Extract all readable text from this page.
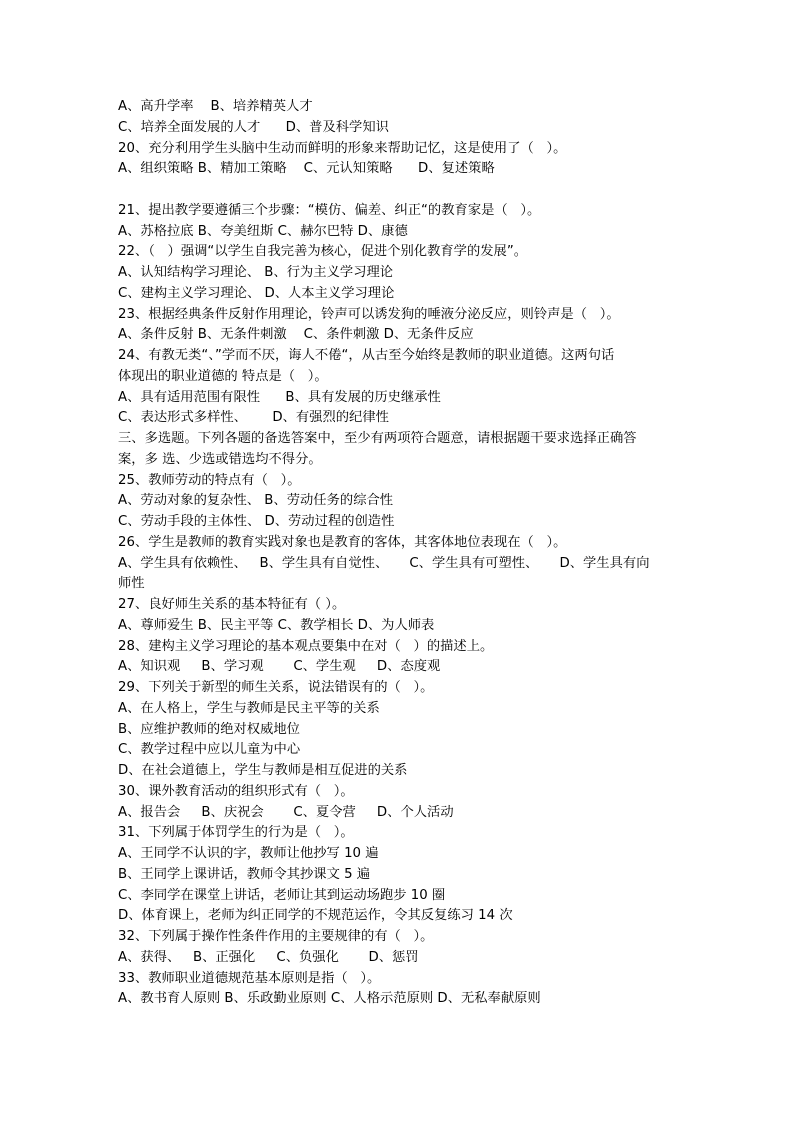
A、高升学率    B、培养精英人才
C、培养全面发展的人才      D、普及科学知识
20、充分利用学生头脑中生动而鲜明的形象来帮助记忆，这是使用了（   ）。
A、组织策略 B、精加工策略    C、元认知策略      D、复述策略
21、提出教学要遵循三个步骤：“模仿、偏差、纠正“的教育家是（   ）。
A、苏格拉底 B、夸美纽斯 C、赫尔巴特 D、康德
22、（   ）强调“以学生自我完善为核心，促进个别化教育学的发展”。
A、认知结构学习理论、 B、行为主义学习理论
C、建构主义学习理论、 D、人本主义学习理论
23、根据经典条件反射作用理论，铃声可以诱发狗的唾液分泌反应，则铃声是（   ）。
A、条件反射 B、无条件刺激    C、条件刺激 D、无条件反应
24、有教无类“、”学而不厌，诲人不倦“，从古至今始终是教师的职业道德。这两句话
体现出的职业道德的 特点是（   ）。
A、具有适用范围有限性      B、具有发展的历史继承性
C、表达形式多样性、      D、有强烈的纪律性
三、多选题。下列各题的备选答案中，至少有两项符合题意，请根据题干要求选择正确答
案，多 选、少选或错选均不得分。
25、教师劳动的特点有（   ）。
A、劳动对象的复杂性、 B、劳动任务的综合性
C、劳动手段的主体性、 D、劳动过程的创造性
26、学生是教师的教育实践对象也是教育的客体，其客体地位表现在（   ）。
A、学生具有依赖性、   B、学生具有自觉性、     C、学生具有可塑性、     D、学生具有向
师性
27、良好师生关系的基本特征有（ ）。
A、尊师爱生 B、民主平等 C、教学相长 D、为人师表
28、建构主义学习理论的基本观点要集中在对（   ）的描述上。
A、知识观     B、学习观       C、学生观     D、态度观
29、下列关于新型的师生关系，说法错误有的（   ）。
A、在人格上，学生与教师是民主平等的关系
B、应维护教师的绝对权威地位
C、教学过程中应以儿童为中心
D、在社会道德上，学生与教师是相互促进的关系
30、课外教育活动的组织形式有（   ）。
A、报告会     B、庆祝会       C、夏令营     D、个人活动
31、下列属于体罚学生的行为是（   ）。
A、王同学不认识的字，教师让他抄写 10 遍
B、王同学上课讲话，教师令其抄课文 5 遍
C、李同学在课堂上讲话，老师让其到运动场跑步 10 圈
D、体育课上，老师为纠正同学的不规范运作，令其反复练习 14 次
32、下列属于操作性条件作用的主要规律的有（   ）。
A、获得、   B、正强化     C、负强化       D、惩罚
33、教师职业道德规范基本原则是指（   ）。
A、教书育人原则 B、乐政勤业原则 C、人格示范原则 D、无私奉献原则
